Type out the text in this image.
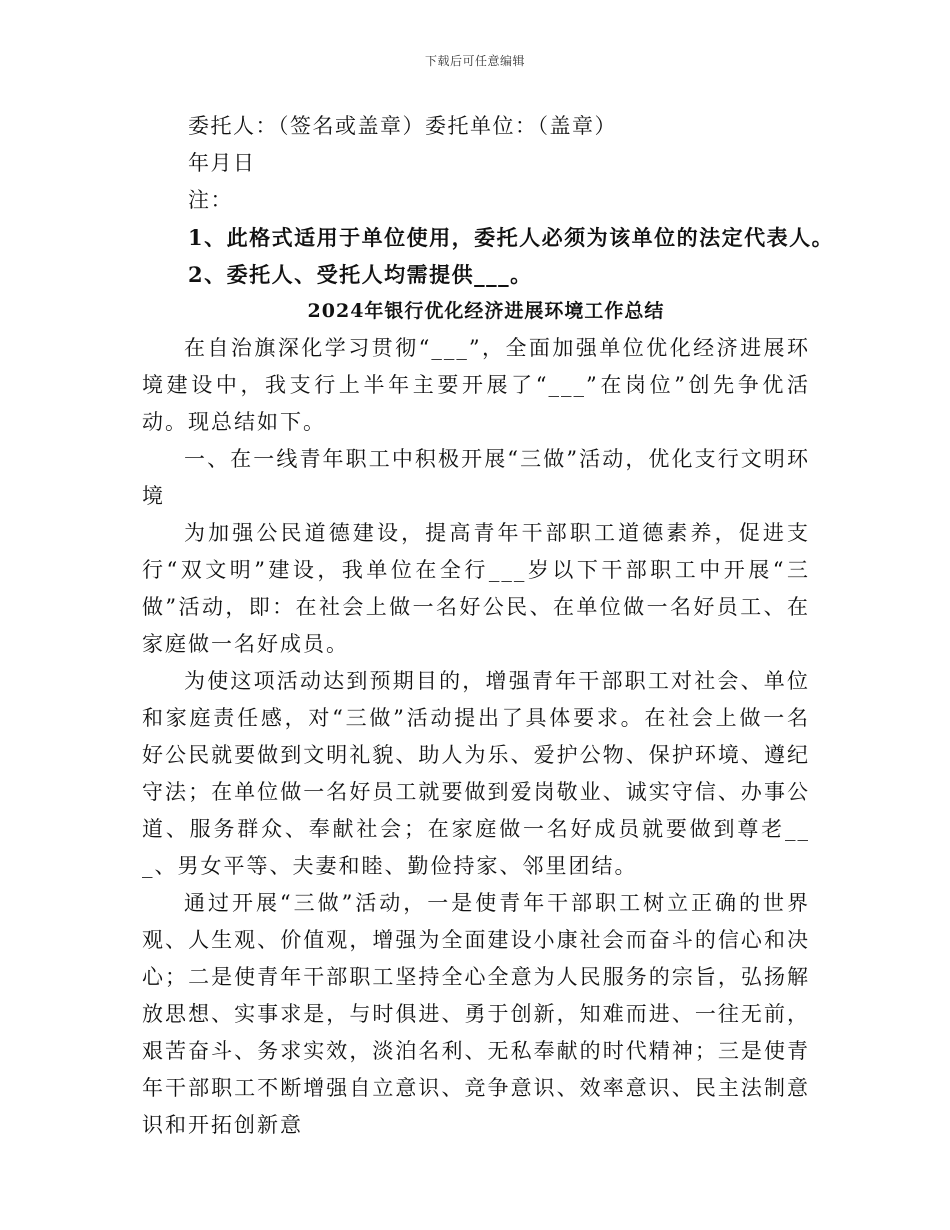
下载后可任意编辑
委托人：（签名或盖章）委托单位：（盖章）
年月日
注：
1、此格式适用于单位使用，委托人必须为该单位的法定代表人。
2、委托人、受托人均需提供___。
2024年银行优化经济进展环境工作总结

在自治旗深化学习贯彻“___”，全面加强单位优化经济进展环境建设中，我支行上半年主要开展了“___”在岗位”创先争优活动。现总结如下。

一、在一线青年职工中积极开展“三做”活动，优化支行文明环境

为加强公民道德建设，提高青年干部职工道德素养，促进支行“双文明”建设，我单位在全行___岁以下干部职工中开展“三做”活动，即：在社会上做一名好公民、在单位做一名好员工、在家庭做一名好成员。

为使这项活动达到预期目的，增强青年干部职工对社会、单位和家庭责任感，对“三做”活动提出了具体要求。在社会上做一名好公民就要做到文明礼貌、助人为乐、爱护公物、保护环境、遵纪守法；在单位做一名好员工就要做到爱岗敬业、诚实守信、办事公道、服务群众、奉献社会；在家庭做一名好成员就要做到尊老___、男女平等、夫妻和睦、勤俭持家、邻里团结。

通过开展“三做”活动，一是使青年干部职工树立正确的世界观、人生观、价值观，增强为全面建设小康社会而奋斗的信心和决心；二是使青年干部职工坚持全心全意为人民服务的宗旨，弘扬解放思想、实事求是，与时俱进、勇于创新，知难而进、一往无前，艰苦奋斗、务求实效，淡泊名利、无私奉献的时代精神；三是使青年干部职工不断增强自立意识、竞争意识、效率意识、民主法制意识和开拓创新意
